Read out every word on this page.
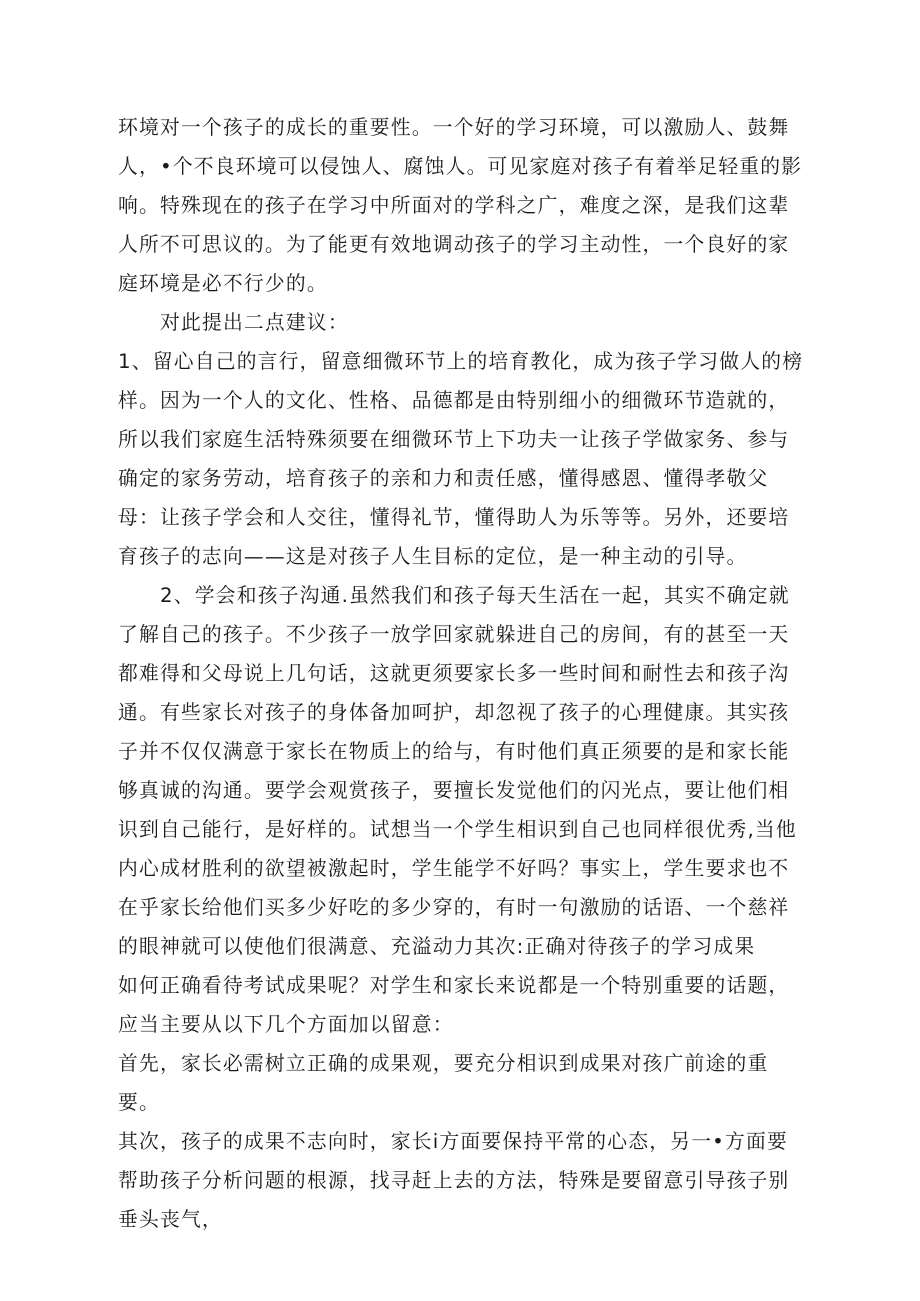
环境对一个孩子的成长的重要性。一个好的学习环境，可以激励人、鼓舞人，•个不良环境可以侵蚀人、腐蚀人。可见家庭对孩子有着举足轻重的影响。特殊现在的孩子在学习中所面对的学科之广，难度之深，是我们这辈人所不可思议的。为了能更有效地调动孩子的学习主动性，一个良好的家庭环境是必不行少的。

对此提出二点建议：

1、留心自己的言行，留意细微环节上的培育教化，成为孩子学习做人的榜样。因为一个人的文化、性格、品德都是由特别细小的细微环节造就的，所以我们家庭生活特殊须要在细微环节上下功夫一让孩子学做家务、参与确定的家务劳动，培育孩子的亲和力和责任感，懂得感恩、懂得孝敬父母：让孩子学会和人交往，懂得礼节，懂得助人为乐等等。另外，还要培育孩子的志向——这是对孩子人生目标的定位，是一种主动的引导。

2、学会和孩子沟通.虽然我们和孩子每天生活在一起，其实不确定就了解自己的孩子。不少孩子一放学回家就躲进自己的房间，有的甚至一天都难得和父母说上几句话，这就更须要家长多一些时间和耐性去和孩子沟通。有些家长对孩子的身体备加呵护，却忽视了孩子的心理健康。其实孩子并不仅仅满意于家长在物质上的给与，有时他们真正须要的是和家长能够真诚的沟通。要学会观赏孩子，要擅长发觉他们的闪光点，要让他们相识到自己能行，是好样的。试想当一个学生相识到自己也同样很优秀,当他内心成材胜利的欲望被激起时，学生能学不好吗？事实上，学生要求也不在乎家长给他们买多少好吃的多少穿的，有时一句激励的话语、一个慈祥的眼神就可以使他们很满意、充溢动力其次:正确对待孩子的学习成果

如何正确看待考试成果呢？对学生和家长来说都是一个特别重要的话题，应当主要从以下几个方面加以留意：

首先，家长必需树立正确的成果观，要充分相识到成果对孩广前途的重要。

其次，孩子的成果不志向时，家长i方面要保持平常的心态，另一•方面要帮助孩子分析问题的根源，找寻赶上去的方法，特殊是要留意引导孩子别垂头丧气，
